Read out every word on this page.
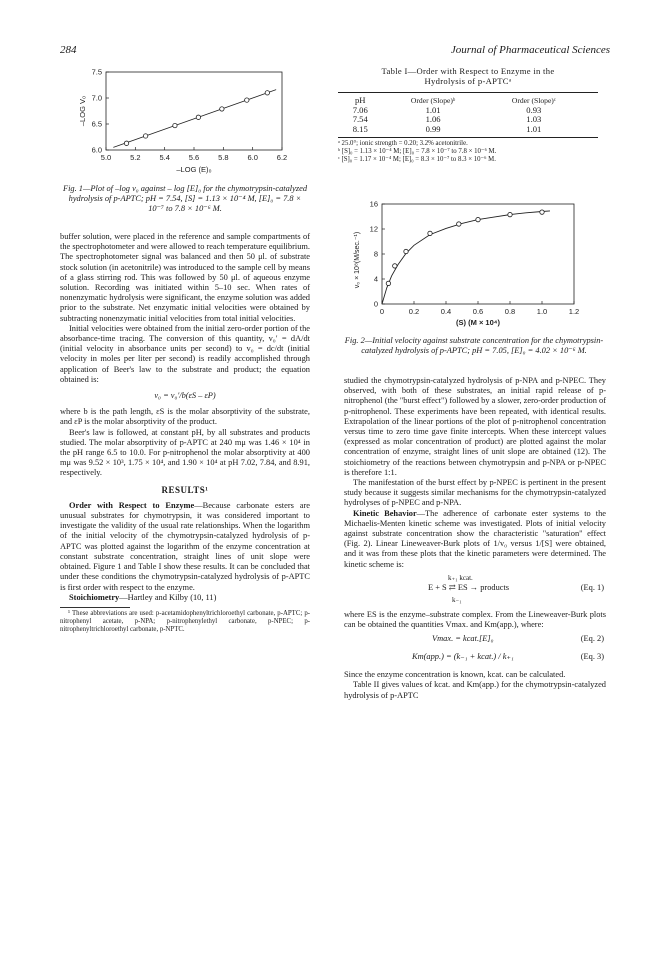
284	Journal of Pharmaceutical Sciences
5.0	5.2	5.4	5.6	5.8	6.0	6.2
6.0
6.5
7.0
7.5
–LOG (E)₀
–LOG V₀
Fig. 1—Plot of –log v₀ against – log [E]₀ for the chymotrypsin-catalyzed hydrolysis of p-APTC; pH = 7.54, [S] = 1.13 × 10⁻⁴ M, [E]₀ = 7.8 × 10⁻⁷ to 7.8 × 10⁻⁶ M.
Table I—Order with Respect to Enzyme in the
Hydrolysis of p-APTCᵃ
pH	Order (Slope)ᵇ	Order (Slope)ᶜ
7.06	1.01	0.93
7.54	1.06	1.03
8.15	0.99	1.01
ᵃ 25.0°; ionic strength = 0.20; 3.2% acetonitrile.
ᵇ [S]₀ = 1.13 × 10⁻⁴ M; [E]₀ = 7.8 × 10⁻⁷ to 7.8 × 10⁻⁶ M.
ᶜ [S]₀ = 1.17 × 10⁻⁴ M; [E]₀ = 8.3 × 10⁻⁷ to 8.3 × 10⁻⁶ M.
0	0.2	0.4	0.6	0.8	1.0	1.2
0
4
8
12
16
(S) (M × 10⁴)
v₀ × 10⁸(M/sec.⁻¹)
Fig. 2—Initial velocity against substrate concentration for the chymotrypsin-catalyzed hydrolysis of p-APTC; pH = 7.05, [E]₀ = 4.02 × 10⁻⁶ M.

buffer solution, were placed in the reference and sample compartments of the spectrophotometer and were allowed to reach temperature equilibrium. The spectrophotometer signal was balanced and then 50 μl. of substrate stock solution (in acetonitrile) was introduced to the sample cell by means of a glass stirring rod. This was followed by 50 μl. of aqueous enzyme solution. Recording was initiated within 5–10 sec. When rates of nonenzymatic hydrolysis were significant, the enzyme solution was added prior to the substrate. Net enzymatic initial velocities were obtained by subtracting nonenzymatic initial velocities from total initial velocities.

Initial velocities were obtained from the initial zero-order portion of the absorbance-time tracing. The conversion of this quantity, v₀′ = dA/dt (initial velocity in absorbance units per second) to v₀ = dc/dt (initial velocity in moles per liter per second) is readily accomplished through application of Beer's law to the substrate and product; the equation obtained is:

v₀ = v₀′/b(εS – εP)

where b is the path length, εS is the molar absorptivity of the substrate, and εP is the molar absorptivity of the product.

Beer's law is followed, at constant pH, by all substrates and products studied. The molar absorptivity of p-APTC at 240 mμ was 1.46 × 10⁴ in the pH range 6.5 to 10.0. For p-nitrophenol the molar absorptivity at 400 mμ was 9.52 × 10³, 1.75 × 10⁴, and 1.90 × 10⁴ at pH 7.02, 7.84, and 8.91, respectively.

RESULTS¹

Order with Respect to Enzyme—Because carbonate esters are unusual substrates for chymotrypsin, it was considered important to investigate the validity of the usual rate relationships. When the logarithm of the initial velocity of the chymotrypsin-catalyzed hydrolysis of p-APTC was plotted against the logarithm of the enzyme concentration at constant substrate concentration, straight lines of unit slope were obtained. Figure 1 and Table I show these results. It can be concluded that under these conditions the chymotrypsin-catalyzed hydrolysis of p-APTC is first order with respect to the enzyme.

Stoichiometry—Hartley and Kilby (10, 11)

¹ These abbreviations are used: p-acetamidophenyltrichloroethyl carbonate, p-APTC; p-nitrophenyl acetate, p-NPA; p-nitrophenylethyl carbonate, p-NPEC; p-nitrophenyltrichloroethyl carbonate, p-NPTC.

studied the chymotrypsin-catalyzed hydrolysis of p-NPA and p-NPEC. They observed, with both of these substrates, an initial rapid release of p-nitrophenol (the "burst effect") followed by a slower, zero-order production of p-nitrophenol. These experiments have been repeated, with identical results. Extrapolation of the linear portions of the plot of p-nitrophenol concentration versus time to zero time gave finite intercepts. When these intercept values (expressed as molar concentration of product) are plotted against the molar concentration of enzyme, straight lines of unit slope are obtained (12). The stoichiometry of the reactions between chymotrypsin and p-NPA or p-NPEC is therefore 1:1.

The manifestation of the burst effect by p-NPEC is pertinent in the present study because it suggests similar mechanisms for the chymotrypsin-catalyzed hydrolyses of p-NPEC and p-NPA.

Kinetic Behavior—The adherence of carbonate ester systems to the Michaelis-Menten kinetic scheme was investigated. Plots of initial velocity against substrate concentration show the characteristic "saturation" effect (Fig. 2). Linear Lineweaver-Burk plots of 1/v₀ versus 1/[S] were obtained, and it was from these plots that the kinetic parameters were determined. The kinetic scheme is:

k₊₁ kcat.
E + S ⇄ ES → products
k₋₁
(Eq. 1)

where ES is the enzyme–substrate complex. From the Lineweaver-Burk plots can be obtained the quantities Vmax. and Km(app.), where:

Vmax. = kcat.[E]₀	(Eq. 2)
Km(app.) = (k₋₁ + kcat.) / k₊₁	(Eq. 3)

Since the enzyme concentration is known, kcat. can be calculated.

Table II gives values of kcat. and Km(app.) for the chymotrypsin-catalyzed hydrolysis of p-APTC
